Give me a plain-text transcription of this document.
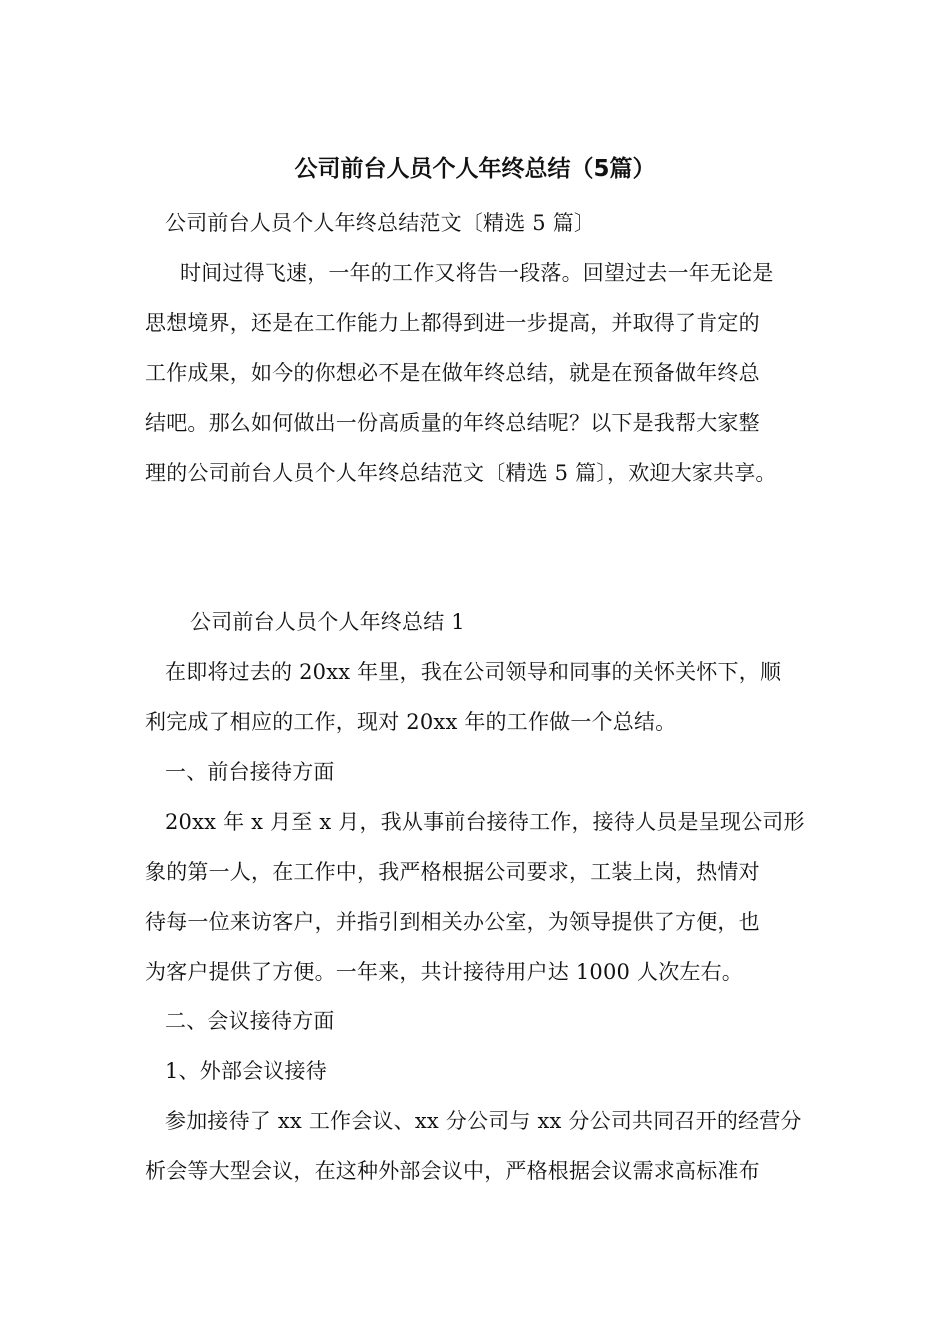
公司前台人员个人年终总结（5篇）
公司前台人员个人年终总结范文〔精选 5 篇〕
时间过得飞速，一年的工作又将告一段落。回望过去一年无论是
思想境界，还是在工作能力上都得到进一步提高，并取得了肯定的
工作成果，如今的你想必不是在做年终总结，就是在预备做年终总
结吧。那么如何做出一份高质量的年终总结呢？以下是我帮大家整
理的公司前台人员个人年终总结范文〔精选 5 篇〕，欢迎大家共享。
公司前台人员个人年终总结 1
在即将过去的 20xx 年里，我在公司领导和同事的关怀关怀下，顺
利完成了相应的工作，现对 20xx 年的工作做一个总结。
一、前台接待方面
20xx 年 x 月至 x 月，我从事前台接待工作，接待人员是呈现公司形
象的第一人，在工作中，我严格根据公司要求，工装上岗，热情对
待每一位来访客户，并指引到相关办公室，为领导提供了方便，也
为客户提供了方便。一年来，共计接待用户达 1000 人次左右。
二、会议接待方面
1、外部会议接待
参加接待了 xx 工作会议、xx 分公司与 xx 分公司共同召开的经营分
析会等大型会议，在这种外部会议中，严格根据会议需求高标准布
